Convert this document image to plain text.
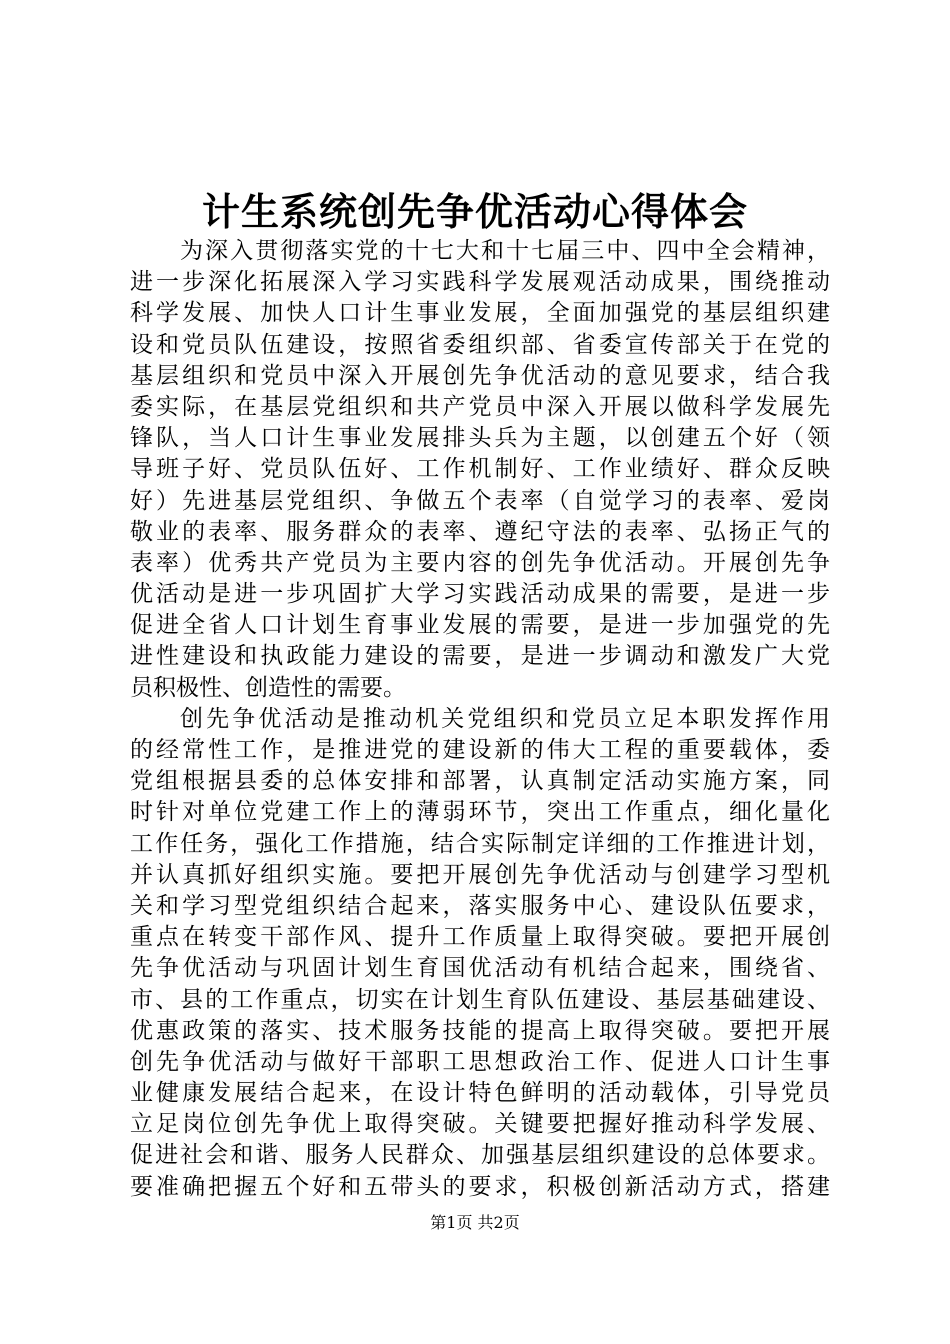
计生系统创先争优活动心得体会
为深入贯彻落实党的十七大和十七届三中、四中全会精神，
进一步深化拓展深入学习实践科学发展观活动成果，围绕推动
科学发展、加快人口计生事业发展，全面加强党的基层组织建
设和党员队伍建设，按照省委组织部、省委宣传部关于在党的
基层组织和党员中深入开展创先争优活动的意见要求，结合我
委实际，在基层党组织和共产党员中深入开展以做科学发展先
锋队，当人口计生事业发展排头兵为主题，以创建五个好（领
导班子好、党员队伍好、工作机制好、工作业绩好、群众反映
好）先进基层党组织、争做五个表率（自觉学习的表率、爱岗
敬业的表率、服务群众的表率、遵纪守法的表率、弘扬正气的
表率）优秀共产党员为主要内容的创先争优活动。开展创先争
优活动是进一步巩固扩大学习实践活动成果的需要，是进一步
促进全省人口计划生育事业发展的需要，是进一步加强党的先
进性建设和执政能力建设的需要，是进一步调动和激发广大党
员积极性、创造性的需要。
创先争优活动是推动机关党组织和党员立足本职发挥作用
的经常性工作，是推进党的建设新的伟大工程的重要载体，委
党组根据县委的总体安排和部署，认真制定活动实施方案，同
时针对单位党建工作上的薄弱环节，突出工作重点，细化量化
工作任务，强化工作措施，结合实际制定详细的工作推进计划，
并认真抓好组织实施。要把开展创先争优活动与创建学习型机
关和学习型党组织结合起来，落实服务中心、建设队伍要求，
重点在转变干部作风、提升工作质量上取得突破。要把开展创
先争优活动与巩固计划生育国优活动有机结合起来，围绕省、
市、县的工作重点，切实在计划生育队伍建设、基层基础建设、
优惠政策的落实、技术服务技能的提高上取得突破。要把开展
创先争优活动与做好干部职工思想政治工作、促进人口计生事
业健康发展结合起来，在设计特色鲜明的活动载体，引导党员
立足岗位创先争优上取得突破。关键要把握好推动科学发展、
促进社会和谐、服务人民群众、加强基层组织建设的总体要求。
要准确把握五个好和五带头的要求，积极创新活动方式，搭建
第1页 共2页
